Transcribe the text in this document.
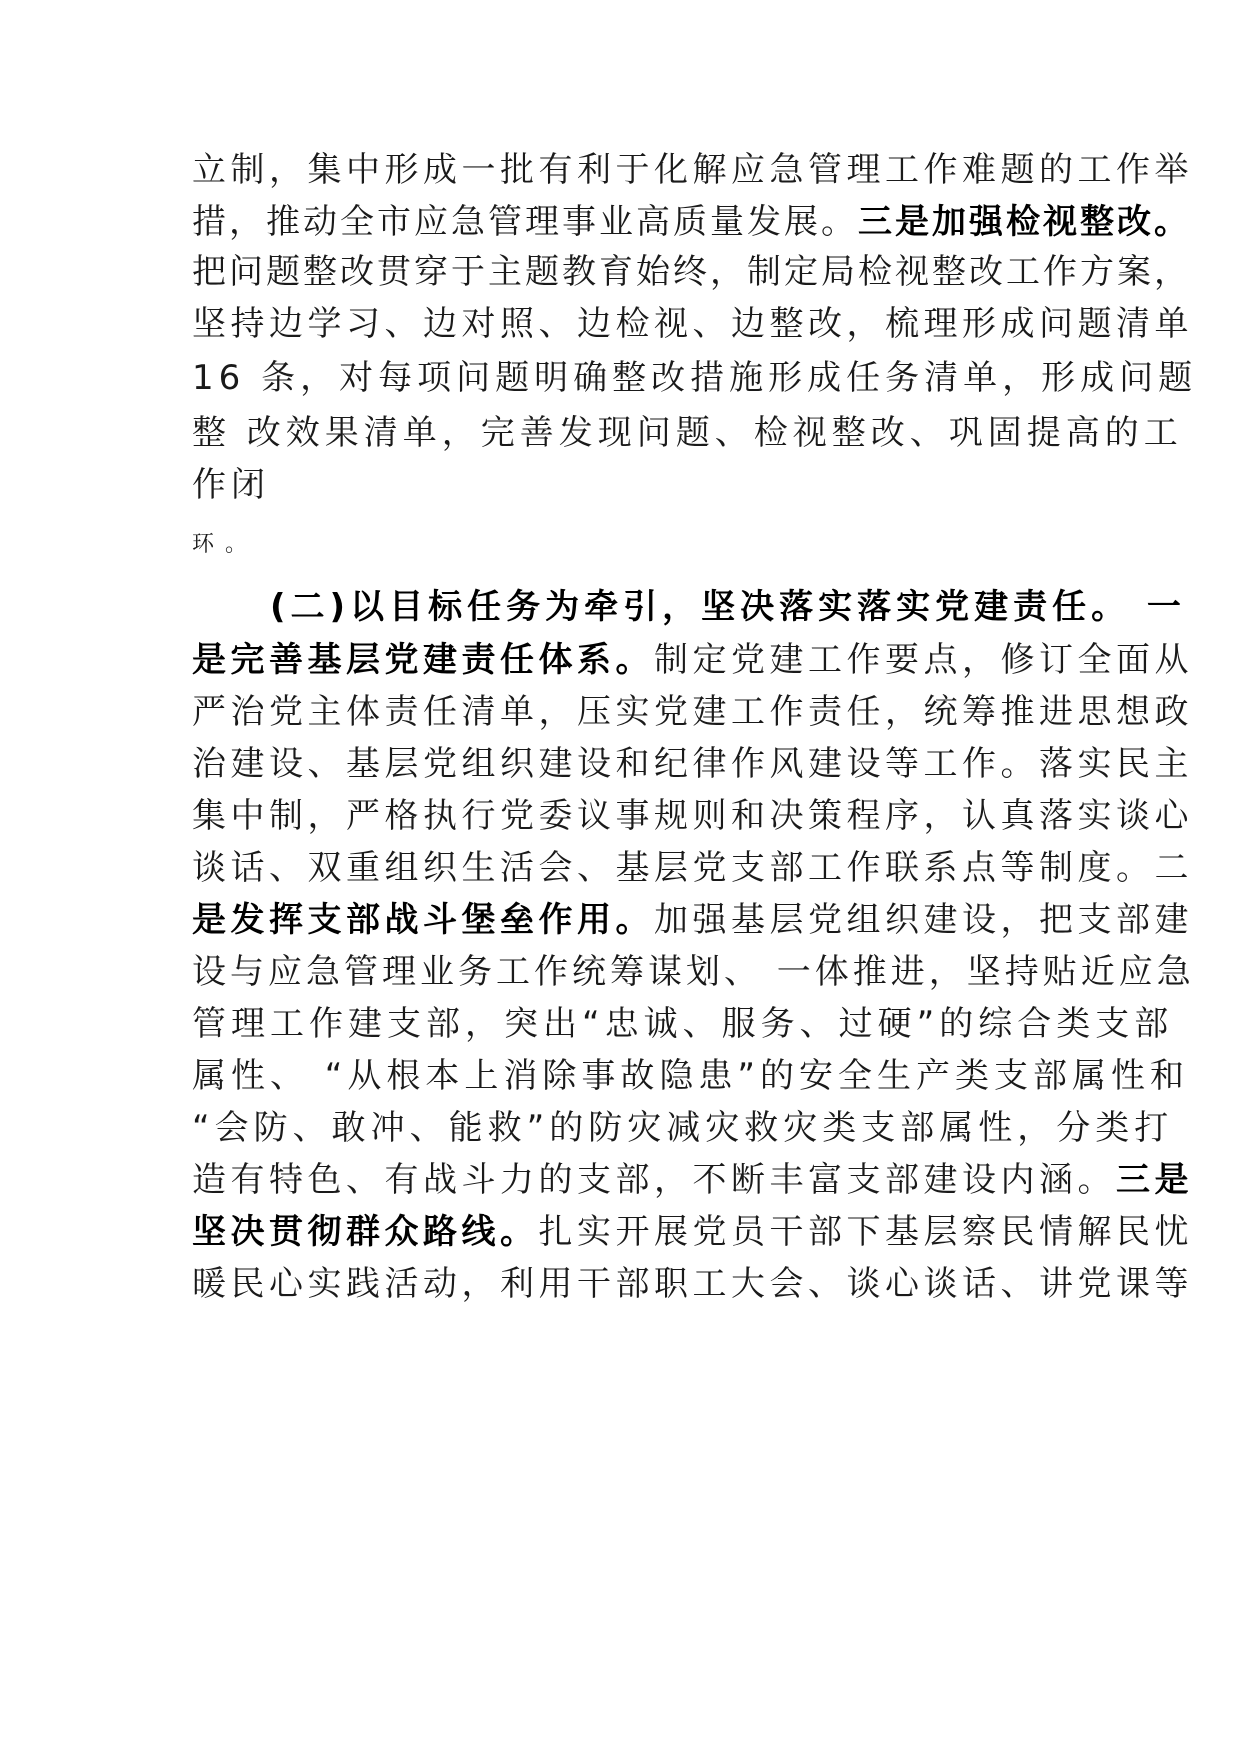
立制，集中形成一批有利于化解应急管理工作难题的工作举
措，推动全市应急管理事业高质量发展。三是加强检视整改。
把问题整改贯穿于主题教育始终，制定局检视整改工作方案，
坚持边学习、边对照、边检视、边整改，梳理形成问题清单
16 条，对每项问题明确整改措施形成任务清单，形成问题
整 改效果清单，完善发现问题、检视整改、巩固提高的工
作闭
环 。
(二)以目标任务为牵引，坚决落实落实党建责任。 一
是完善基层党建责任体系。制定党建工作要点，修订全面从
严治党主体责任清单，压实党建工作责任，统筹推进思想政
治建设、基层党组织建设和纪律作风建设等工作。落实民主
集中制，严格执行党委议事规则和决策程序，认真落实谈心
谈话、双重组织生活会、基层党支部工作联系点等制度。二
是发挥支部战斗堡垒作用。加强基层党组织建设，把支部建
设与应急管理业务工作统筹谋划、 一体推进，坚持贴近应急
管理工作建支部，突出“忠诚、服务、过硬”的综合类支部
属性、 “从根本上消除事故隐患”的安全生产类支部属性和
“会防、敢冲、能救”的防灾减灾救灾类支部属性，分类打
造有特色、有战斗力的支部，不断丰富支部建设内涵。三是
坚决贯彻群众路线。扎实开展党员干部下基层察民情解民忧
暖民心实践活动，利用干部职工大会、谈心谈话、讲党课等
